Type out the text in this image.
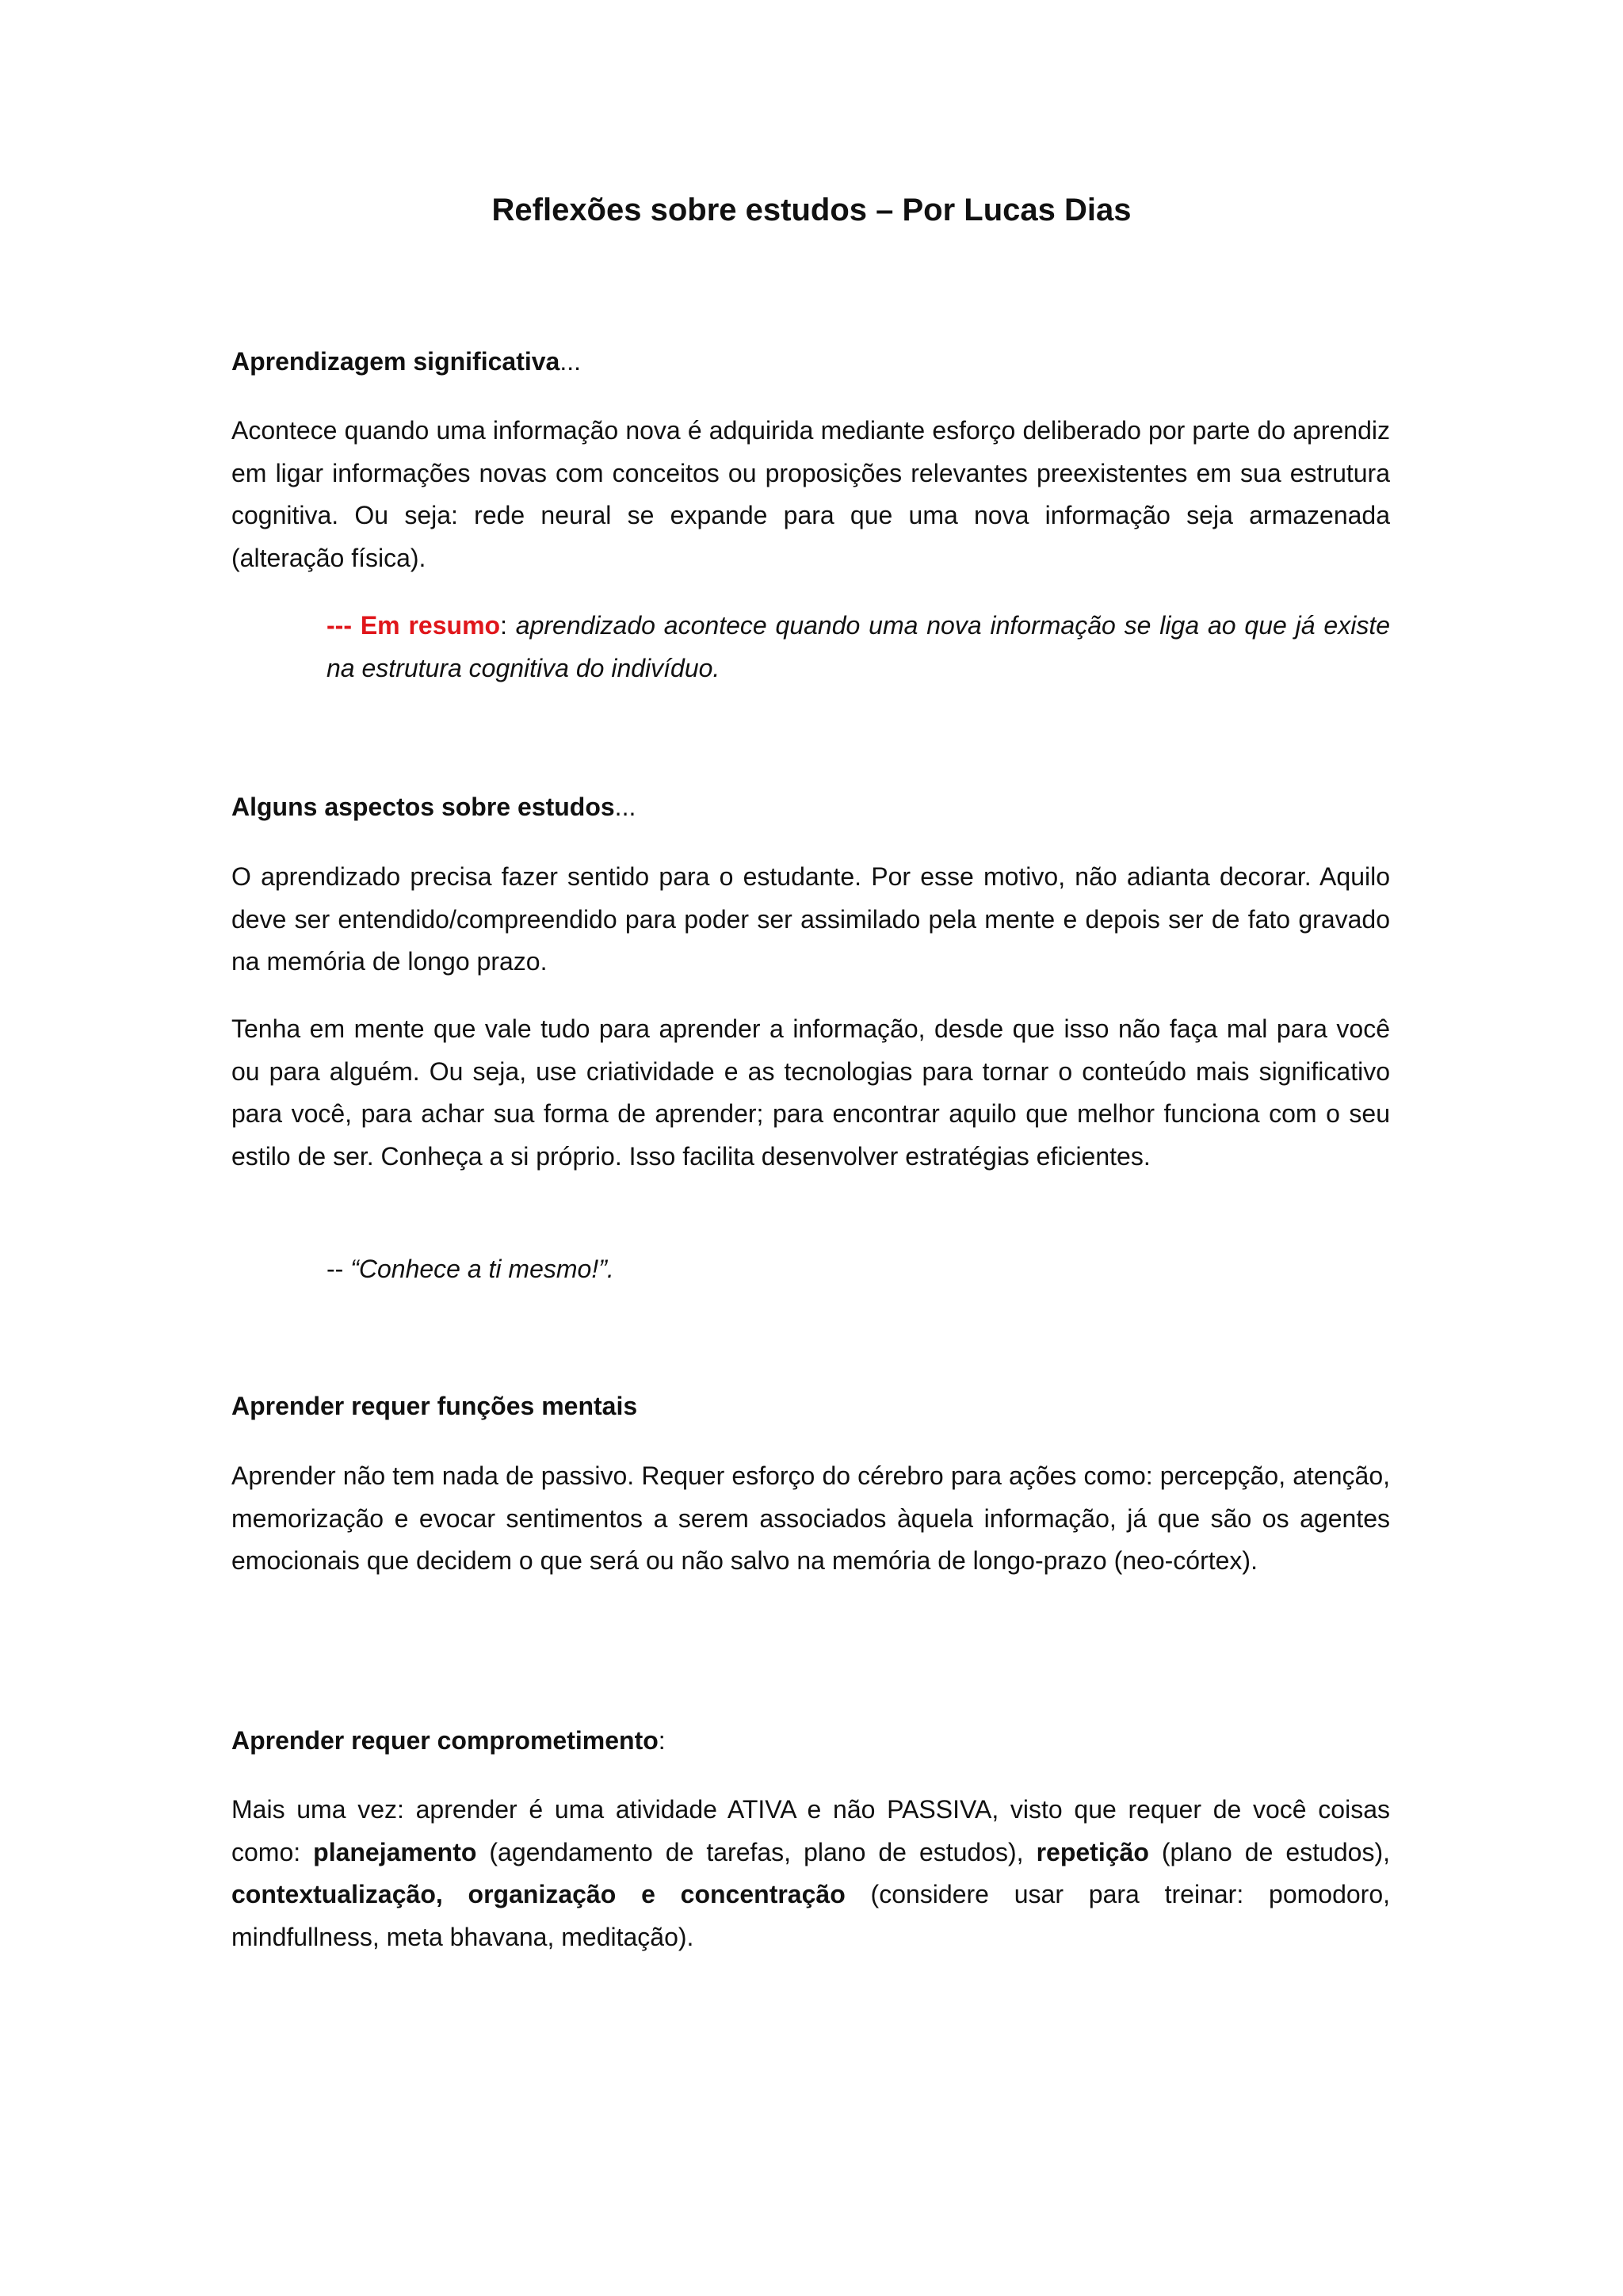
Reflexões sobre estudos – Por Lucas Dias

Aprendizagem significativa...

Acontece quando uma informação nova é adquirida mediante esforço deliberado por parte do aprendiz em ligar informações novas com conceitos ou proposições relevantes preexistentes em sua estrutura cognitiva. Ou seja: rede neural se expande para que uma nova informação seja armazenada (alteração física).

--- Em resumo: aprendizado acontece quando uma nova informação se liga ao que já existe na estrutura cognitiva do indivíduo.

Alguns aspectos sobre estudos...

O aprendizado precisa fazer sentido para o estudante. Por esse motivo, não adianta decorar. Aquilo deve ser entendido/compreendido para poder ser assimilado pela mente e depois ser de fato gravado na memória de longo prazo.

Tenha em mente que vale tudo para aprender a informação, desde que isso não faça mal para você ou para alguém. Ou seja, use criatividade e as tecnologias para tornar o conteúdo mais significativo para você, para achar sua forma de aprender; para encontrar aquilo que melhor funciona com o seu estilo de ser. Conheça a si próprio. Isso facilita desenvolver estratégias eficientes.

-- “Conhece a ti mesmo!”.

Aprender requer funções mentais

Aprender não tem nada de passivo. Requer esforço do cérebro para ações como: percepção, atenção, memorização e evocar sentimentos a serem associados àquela informação, já que são os agentes emocionais que decidem o que será ou não salvo na memória de longo-prazo (neo-córtex).

Aprender requer comprometimento:

Mais uma vez: aprender é uma atividade ATIVA e não PASSIVA, visto que requer de você coisas como: planejamento (agendamento de tarefas, plano de estudos), repetição (plano de estudos), contextualização, organização e concentração (considere usar para treinar: pomodoro, mindfullness, meta bhavana, meditação).
